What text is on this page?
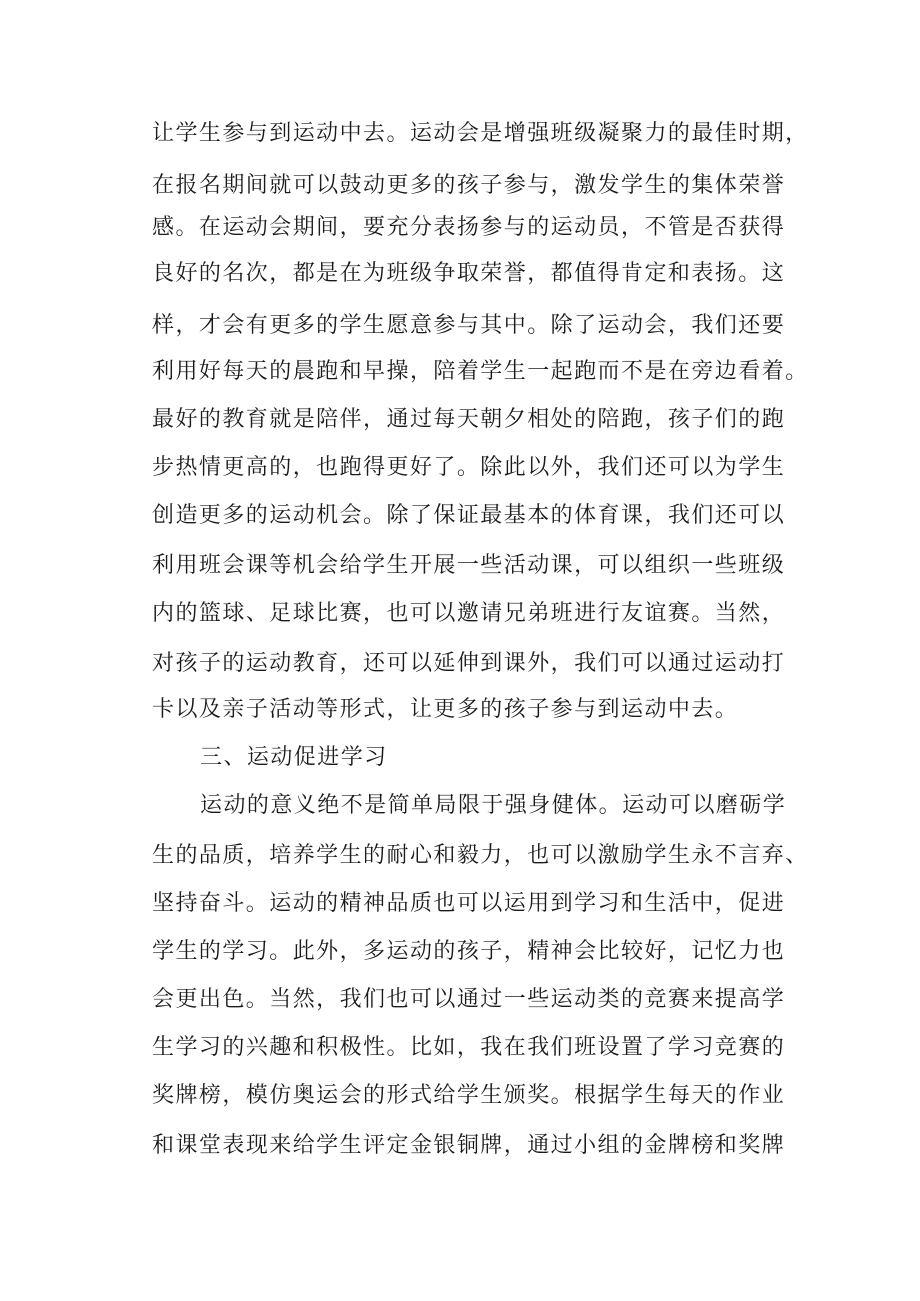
让学生参与到运动中去。运动会是增强班级凝聚力的最佳时期，
在报名期间就可以鼓动更多的孩子参与，激发学生的集体荣誉
感。在运动会期间，要充分表扬参与的运动员，不管是否获得
良好的名次，都是在为班级争取荣誉，都值得肯定和表扬。这
样，才会有更多的学生愿意参与其中。除了运动会，我们还要
利用好每天的晨跑和早操，陪着学生一起跑而不是在旁边看着。
最好的教育就是陪伴，通过每天朝夕相处的陪跑，孩子们的跑
步热情更高的，也跑得更好了。除此以外，我们还可以为学生
创造更多的运动机会。除了保证最基本的体育课，我们还可以
利用班会课等机会给学生开展一些活动课，可以组织一些班级
内的篮球、足球比赛，也可以邀请兄弟班进行友谊赛。当然，
对孩子的运动教育，还可以延伸到课外，我们可以通过运动打
卡以及亲子活动等形式，让更多的孩子参与到运动中去。
三、运动促进学习
运动的意义绝不是简单局限于强身健体。运动可以磨砺学
生的品质，培养学生的耐心和毅力，也可以激励学生永不言弃、
坚持奋斗。运动的精神品质也可以运用到学习和生活中，促进
学生的学习。此外，多运动的孩子，精神会比较好，记忆力也
会更出色。当然，我们也可以通过一些运动类的竞赛来提高学
生学习的兴趣和积极性。比如，我在我们班设置了学习竞赛的
奖牌榜，模仿奥运会的形式给学生颁奖。根据学生每天的作业
和课堂表现来给学生评定金银铜牌，通过小组的金牌榜和奖牌
